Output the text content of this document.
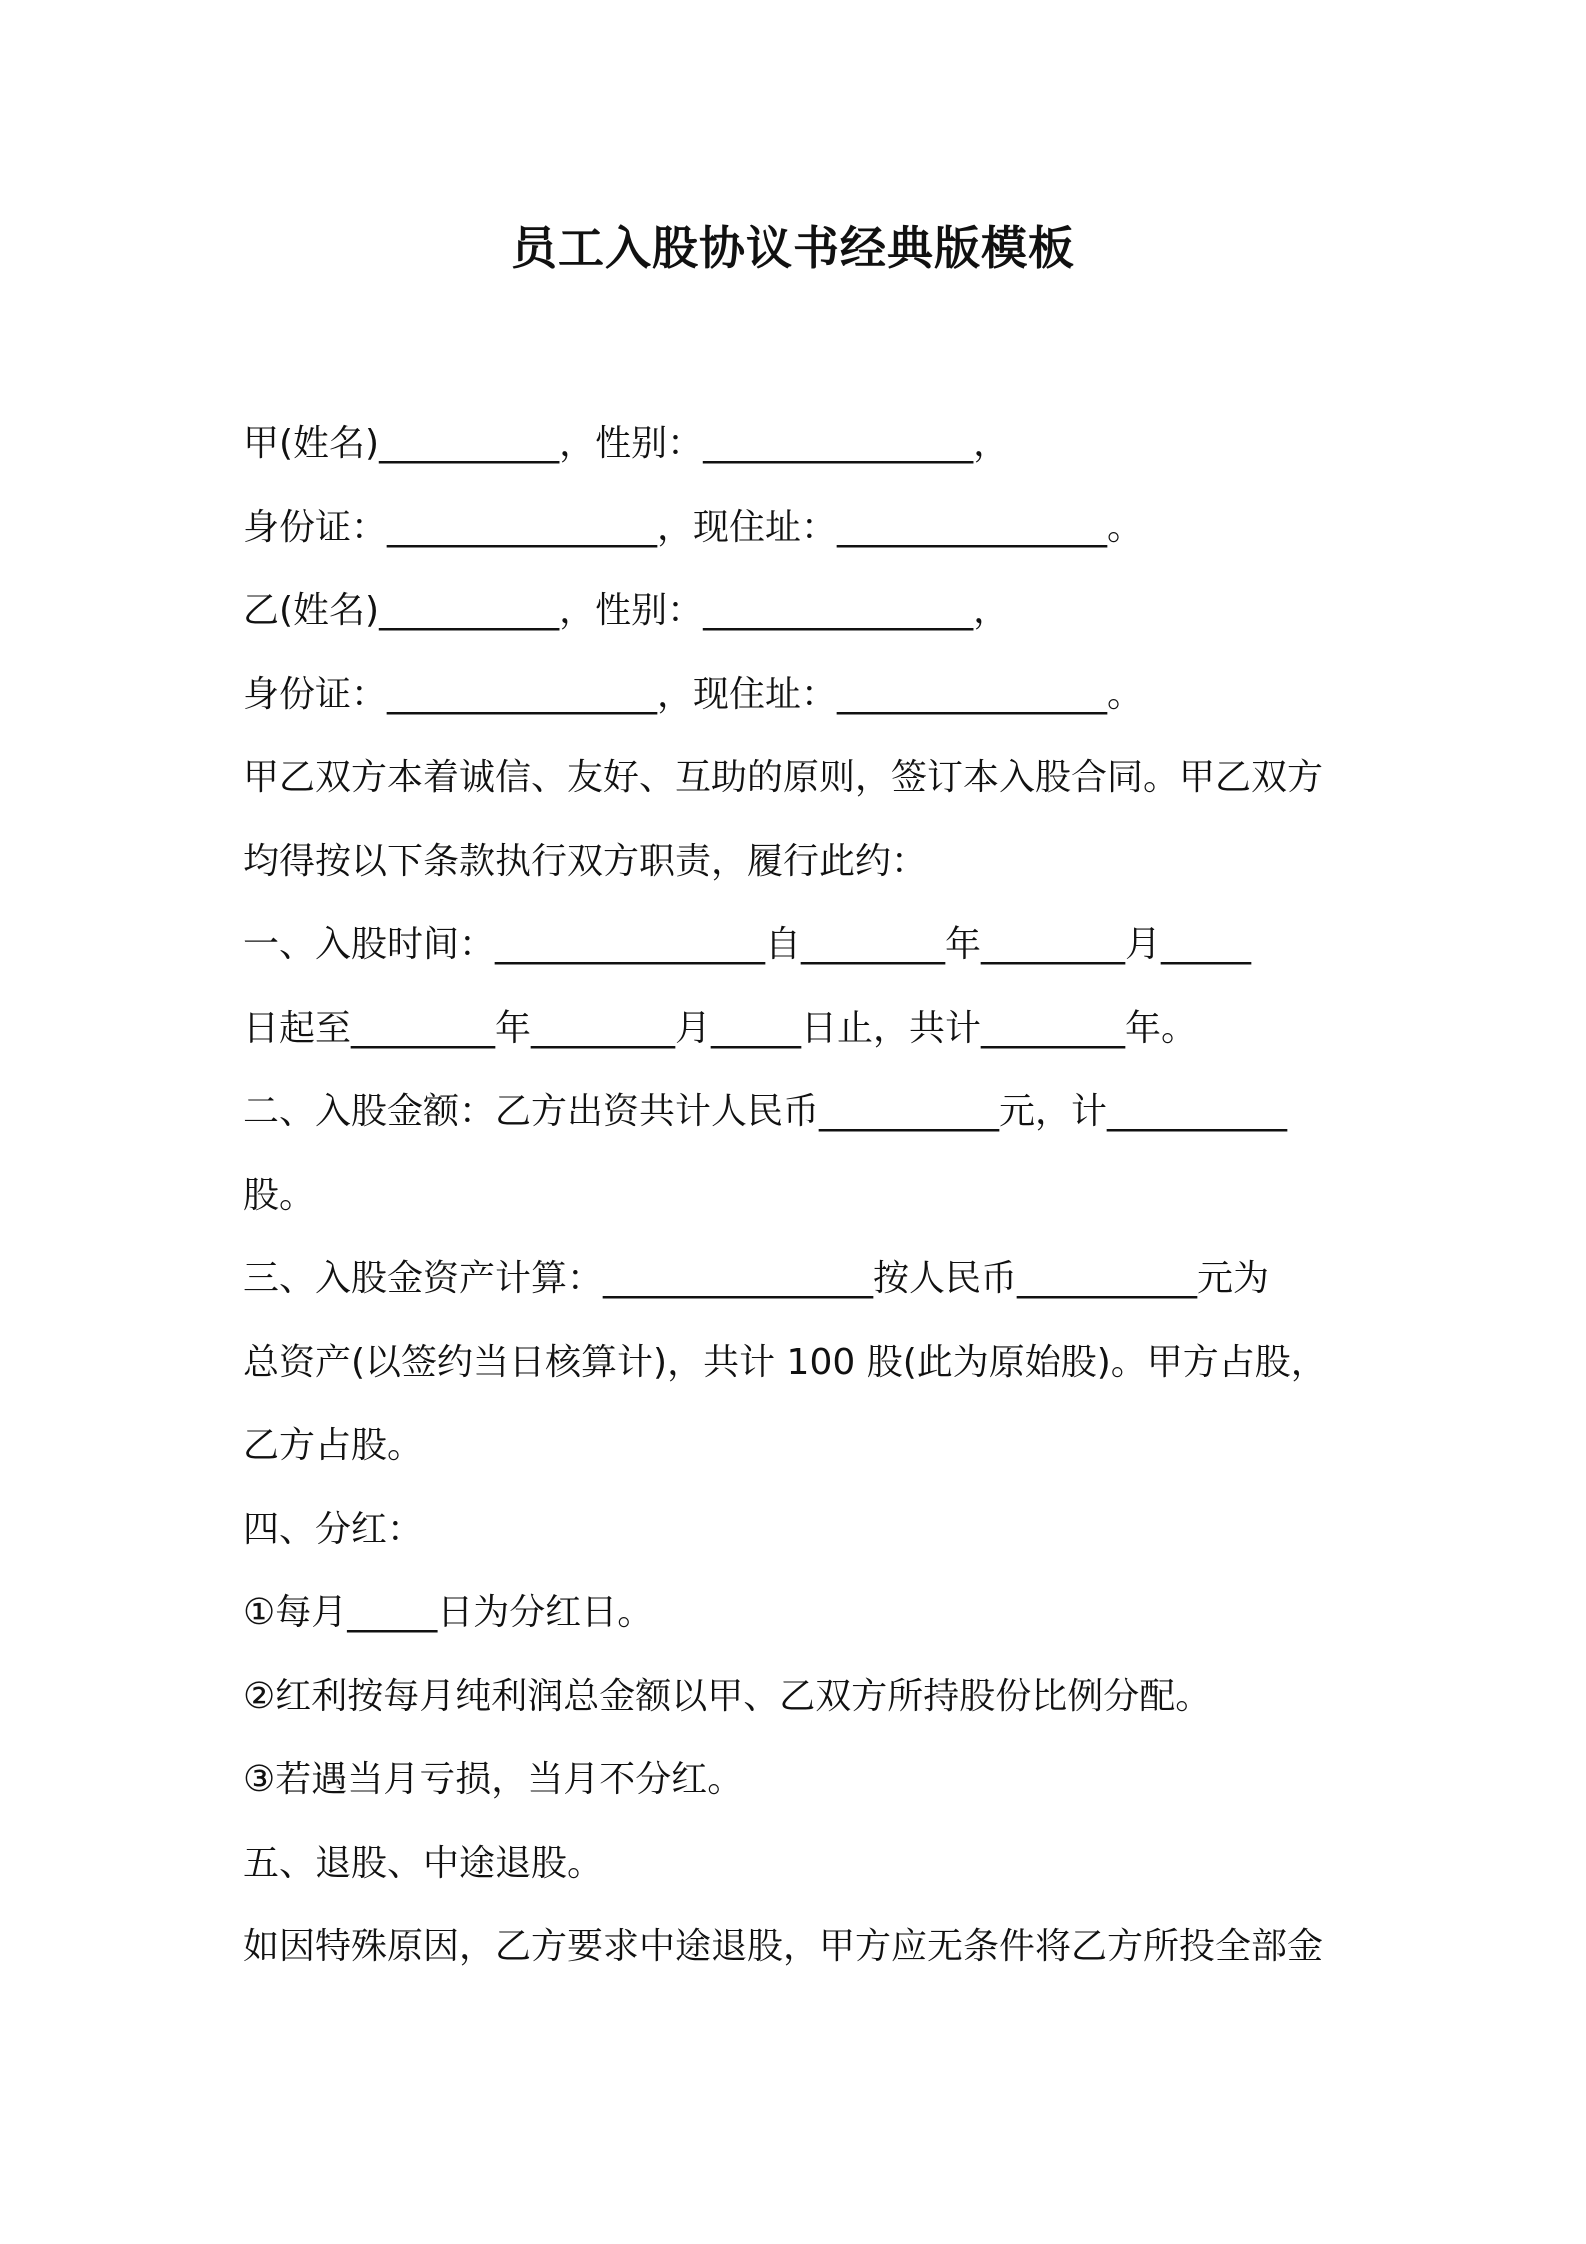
员工入股协议书经典版模板
甲(姓名)__________，性别：_______________，
身份证：_______________，现住址：_______________。
乙(姓名)__________，性别：_______________，
身份证：_______________，现住址：_______________。
甲乙双方本着诚信、友好、互助的原则，签订本入股合同。甲乙双方
均得按以下条款执行双方职责，履行此约：
一、入股时间：_______________自________年________月_____
日起至________年________月_____日止，共计________年。
二、入股金额：乙方出资共计人民币__________元，计__________
股。
三、入股金资产计算：_______________按人民币__________元为
总资产(以签约当日核算计)，共计 100 股(此为原始股)。甲方占股，
乙方占股。
四、分红：
①每月_____日为分红日。
②红利按每月纯利润总金额以甲、乙双方所持股份比例分配。
③若遇当月亏损，当月不分红。
五、退股、中途退股。
如因特殊原因，乙方要求中途退股，甲方应无条件将乙方所投全部金
